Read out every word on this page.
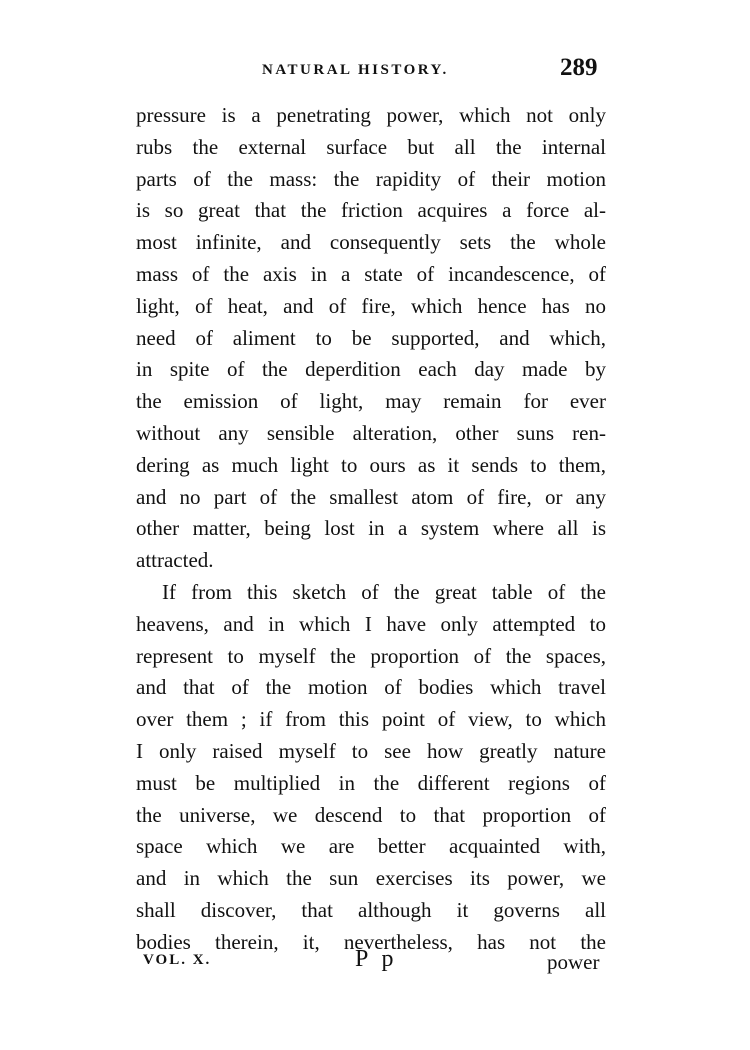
NATURAL HISTORY.	289
pressure is a penetrating power, which not only
rubs the external surface but all the internal
parts of the mass: the rapidity of their motion
is so great that the friction acquires a force al-
most infinite, and consequently sets the whole
mass of the axis in a state of incandescence, of
light, of heat, and of fire, which hence has no
need of aliment to be supported, and which,
in spite of the deperdition each day made by
the emission of light, may remain for ever
without any sensible alteration, other suns ren-
dering as much light to ours as it sends to them,
and no part of the smallest atom of fire, or any
other matter, being lost in a system where all is
attracted.
If from this sketch of the great table of the
heavens, and in which I have only attempted to
represent to myself the proportion of the spaces,
and that of the motion of bodies which travel
over them ; if from this point of view, to which
I only raised myself to see how greatly nature
must be multiplied in the different regions of
the universe, we descend to that proportion of
space which we are better acquainted with,
and in which the sun exercises its power, we
shall discover, that although it governs all
bodies therein, it, nevertheless, has not the
VOL. X.	P p	power
